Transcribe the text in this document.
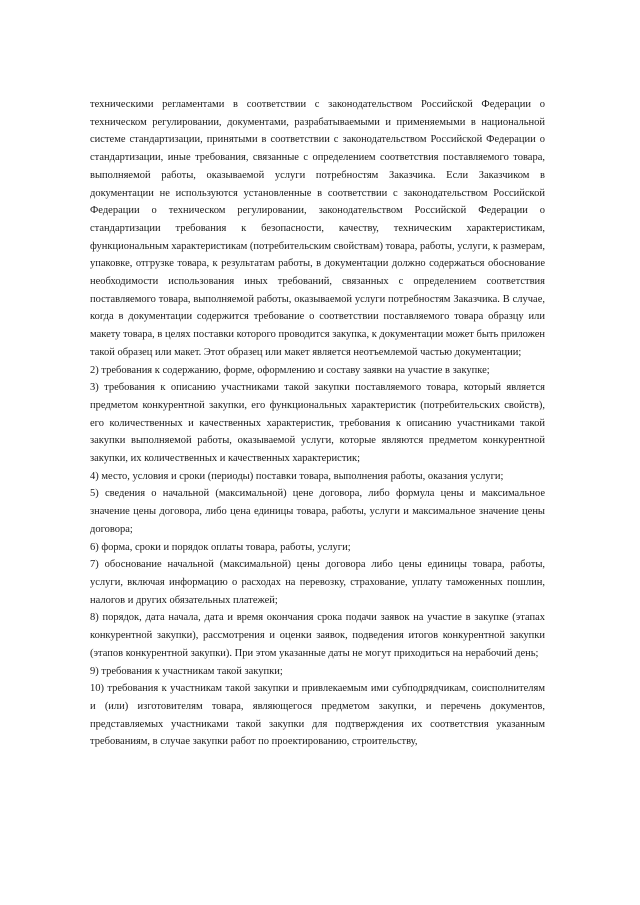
техническими регламентами в соответствии с законодательством Российской Федерации о техническом регулировании, документами, разрабатываемыми и применяемыми в национальной системе стандартизации, принятыми в соответствии с законодательством Российской Федерации о стандартизации, иные требования, связанные с определением соответствия поставляемого товара, выполняемой работы, оказываемой услуги потребностям Заказчика. Если Заказчиком в документации не используются установленные в соответствии с законодательством Российской Федерации о техническом регулировании, законодательством Российской Федерации о стандартизации требования к безопасности, качеству, техническим характеристикам, функциональным характеристикам (потребительским свойствам) товара, работы, услуги, к размерам, упаковке, отгрузке товара, к результатам работы, в документации должно содержаться обоснование необходимости использования иных требований, связанных с определением соответствия поставляемого товара, выполняемой работы, оказываемой услуги потребностям Заказчика. В случае, когда в документации содержится требование о соответствии поставляемого товара образцу или макету товара, в целях поставки которого проводится закупка, к документации может быть приложен такой образец или макет. Этот образец или макет является неотъемлемой частью документации;

2) требования к содержанию, форме, оформлению и составу заявки на участие в закупке;

3) требования к описанию участниками такой закупки поставляемого товара, который является предметом конкурентной закупки, его функциональных характеристик (потребительских свойств), его количественных и качественных характеристик, требования к описанию участниками такой закупки выполняемой работы, оказываемой услуги, которые являются предметом конкурентной закупки, их количественных и качественных характеристик;

4) место, условия и сроки (периоды) поставки товара, выполнения работы, оказания услуги;

5) сведения о начальной (максимальной) цене договора, либо формула цены и максимальное значение цены договора, либо цена единицы товара, работы, услуги и максимальное значение цены договора;

6) форма, сроки и порядок оплаты товара, работы, услуги;

7) обоснование начальной (максимальной) цены договора либо цены единицы товара, работы, услуги, включая информацию о расходах на перевозку, страхование, уплату таможенных пошлин, налогов и других обязательных платежей;

8) порядок, дата начала, дата и время окончания срока подачи заявок на участие в закупке (этапах конкурентной закупки), рассмотрения и оценки заявок, подведения итогов конкурентной закупки (этапов конкурентной закупки). При этом указанные даты не могут приходиться на нерабочий день;

9) требования к участникам такой закупки;

10) требования к участникам такой закупки и привлекаемым ими субподрядчикам, соисполнителям и (или) изготовителям товара, являющегося предметом закупки, и перечень документов, представляемых участниками такой закупки для подтверждения их соответствия указанным требованиям, в случае закупки работ по проектированию, строительству,
